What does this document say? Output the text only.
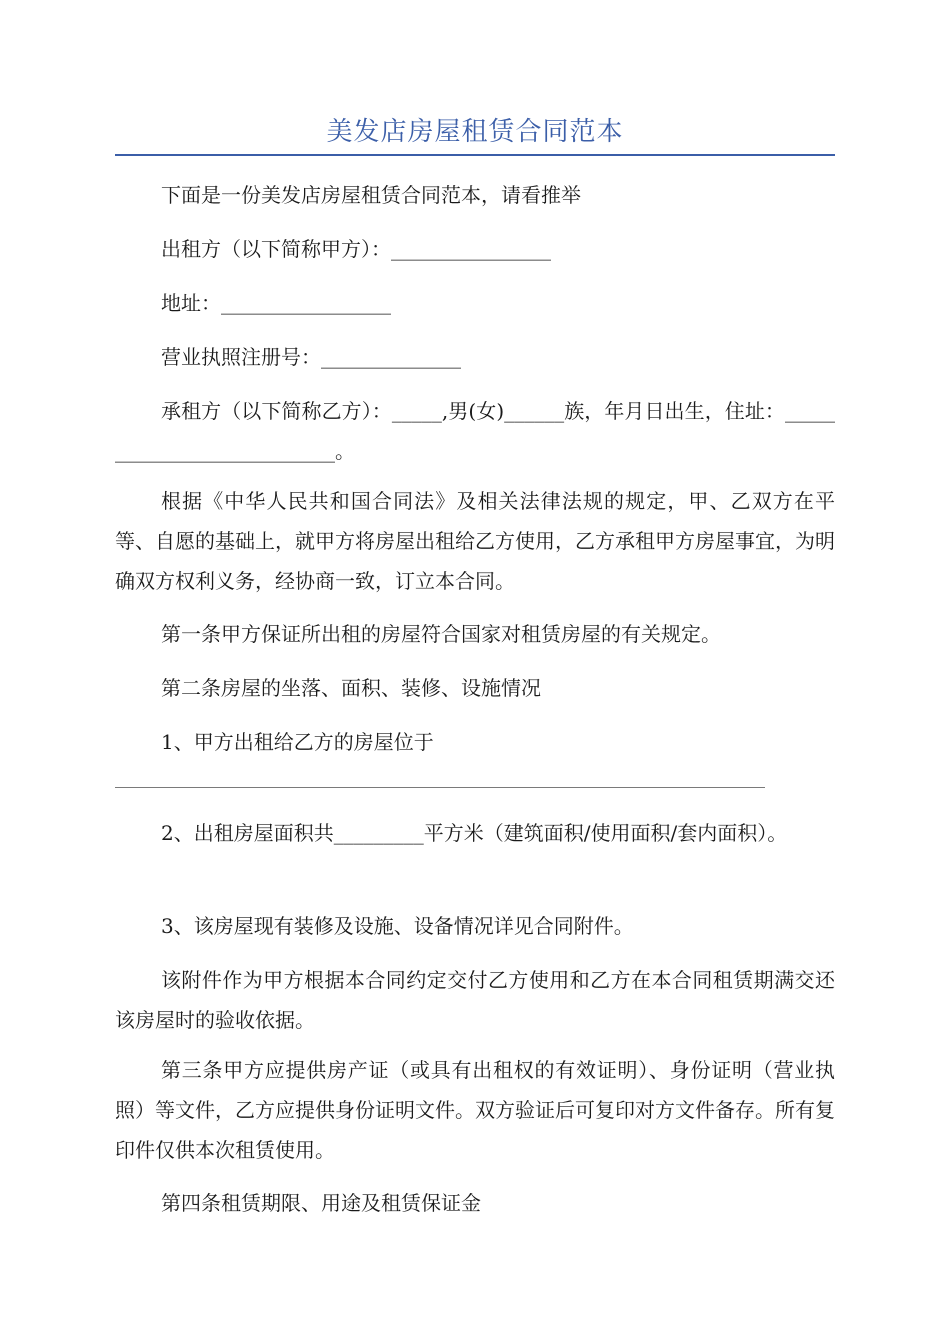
美发店房屋租赁合同范本

下面是一份美发店房屋租赁合同范本，请看推举

出租方（以下简称甲方）：________________

地址：_________________

营业执照注册号：______________

承租方（以下简称乙方）：_____,男(女)______族，年月日出生，住址：___________________________。

根据《中华人民共和国合同法》及相关法律法规的规定，甲、乙双方在平等、自愿的基础上，就甲方将房屋出租给乙方使用，乙方承租甲方房屋事宜，为明确双方权利义务，经协商一致，订立本合同。

第一条甲方保证所出租的房屋符合国家对租赁房屋的有关规定。

第二条房屋的坐落、面积、装修、设施情况

1、甲方出租给乙方的房屋位于

2、出租房屋面积共_________平方米（建筑面积/使用面积/套内面积）。

3、该房屋现有装修及设施、设备情况详见合同附件。

该附件作为甲方根据本合同约定交付乙方使用和乙方在本合同租赁期满交还该房屋时的验收依据。

第三条甲方应提供房产证（或具有出租权的有效证明）、身份证明（营业执照）等文件，乙方应提供身份证明文件。双方验证后可复印对方文件备存。所有复印件仅供本次租赁使用。

第四条租赁期限、用途及租赁保证金
